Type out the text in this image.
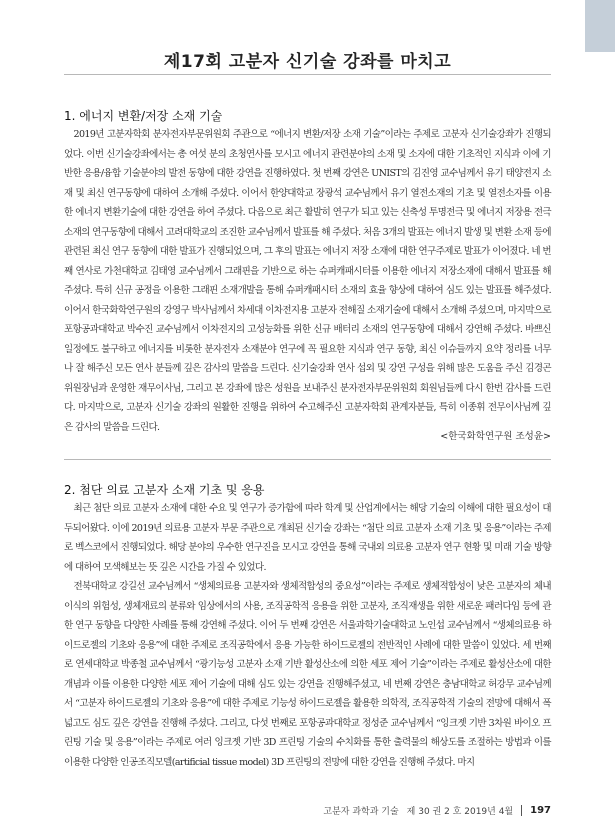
제17회 고분자 신기술 강좌를 마치고
1. 에너지 변환/저장 소재 기술

2019년 고분자학회 분자전자부문위원회 주관으로 “에너지 변환/저장 소재 기술”이라는 주제로 고분자 신기술강좌가 진행되었다. 이번 신기술강좌에서는 총 여섯 분의 초청연사를 모시고 에너지 관련분야의 소재 및 소자에 대한 기초적인 지식과 이에 기반한 응용/융합 기술분야의 발전 동향에 대한 강연을 진행하였다. 첫 번째 강연은 UNIST의 김진영 교수님께서 유기 태양전지 소재 및 최신 연구동향에 대하여 소개해 주셨다. 이어서 한양대학교 장광석 교수님께서 유기 열전소재의 기초 및 열전소자를 이용한 에너지 변환기술에 대한 강연을 하여 주셨다. 다음으로 최근 활발히 연구가 되고 있는 신축성 투명전극 및 에너지 저장용 전극소재의 연구동향에 대해서 고려대학교의 조진한 교수님께서 발표를 해 주셨다. 처음 3개의 발표는 에너지 발생 및 변환 소재 등에 관련된 최신 연구 동향에 대한 발표가 진행되었으며, 그 후의 발표는 에너지 저장 소재에 대한 연구주제로 발표가 이어졌다. 네 번째 연사로 가천대학교 김태영 교수님께서 그래핀을 기반으로 하는 슈퍼캐패시터를 이용한 에너지 저장소재에 대해서 발표를 해주셨다. 특히 신규 공정을 이용한 그래핀 소재개발을 통해 슈퍼캐패시터 소재의 효율 향상에 대하여 심도 있는 발표를 해주셨다. 이어서 한국화학연구원의 강영구 박사님께서 차세대 이차전지용 고분자 전해질 소재기술에 대해서 소개해 주셨으며, 마지막으로 포항공과대학교 박수진 교수님께서 이차전지의 고성능화를 위한 신규 배터리 소재의 연구동향에 대해서 강연해 주셨다. 바쁘신 일정에도 불구하고 에너지를 비롯한 분자전자 소재분야 연구에 꼭 필요한 지식과 연구 동향, 최신 이슈들까지 요약 정리를 너무나 잘 해주신 모든 연사 분들께 깊은 감사의 말씀을 드린다. 신기술강좌 연사 섭외 및 강연 구성을 위해 많은 도움을 주신 김경곤 위원장님과 운영한 재무이사님, 그리고 본 강좌에 많은 성원을 보내주신 분자전자부문위원회 회원님들께 다시 한번 감사를 드린다. 마지막으로, 고분자 신기술 강좌의 원활한 진행을 위하여 수고해주신 고분자학회 관계자분들, 특히 이종휘 전무이사님께 깊은 감사의 말씀을 드린다.

<한국화학연구원 조성윤>
2. 첨단 의료 고분자 소재 기초 및 응용

최근 첨단 의료 고분자 소재에 대한 수요 및 연구가 증가함에 따라 학계 및 산업계에서는 해당 기술의 이해에 대한 필요성이 대두되어왔다. 이에 2019년 의료용 고분자 부문 주관으로 개최된 신기술 강좌는 “첨단 의료 고분자 소재 기초 및 응용”이라는 주제로 벡스코에서 진행되었다. 해당 분야의 우수한 연구진을 모시고 강연을 통해 국내외 의료용 고분자 연구 현황 및 미래 기술 방향에 대하여 모색해보는 뜻 깊은 시간을 가질 수 있었다.

전북대학교 강길선 교수님께서 “생체의료용 고분자와 생체적합성의 중요성”이라는 주제로 생체적합성이 낮은 고분자의 체내이식의 위험성, 생체재료의 분류와 임상에서의 사용, 조직공학적 응용을 위한 고분자, 조직재생을 위한 새로운 패러다임 등에 관한 연구 동향을 다양한 사례를 통해 강연해 주셨다. 이어 두 번째 강연은 서울과학기술대학교 노인섭 교수님께서 “생체의료용 하이드로젤의 기초와 응용”에 대한 주제로 조직공학에서 응용 가능한 하이드로젤의 전반적인 사례에 대한 말씀이 있었다. 세 번째로 연세대학교 박종철 교수님께서 “광기능성 고분자 소재 기반 활성산소에 의한 세포 제어 기술”이라는 주제로 활성산소에 대한 개념과 이를 이용한 다양한 세포 제어 기술에 대해 심도 있는 강연을 진행해주셨고, 네 번째 강연은 충남대학교 허강무 교수님께서 “고분자 하이드로젤의 기초와 응용”에 대한 주제로 기능성 하이드로젤을 활용한 의학적, 조직공학적 기술의 전망에 대해서 폭넓고도 심도 깊은 강연을 진행해 주셨다. 그리고, 다섯 번째로 포항공과대학교 정성준 교수님께서 “잉크젯 기반 3차원 바이오 프린팅 기술 및 응용”이라는 주제로 여러 잉크젯 기반 3D 프린팅 기술의 수치화를 통한 출력물의 해상도를 조절하는 방법과 이를 이용한 다양한 인공조직모델(artificial tissue model) 3D 프린팅의 전망에 대한 강연을 진행해 주셨다. 마지

고분자 과학과 기술 제 30 권 2 호 2019년 4월 197
